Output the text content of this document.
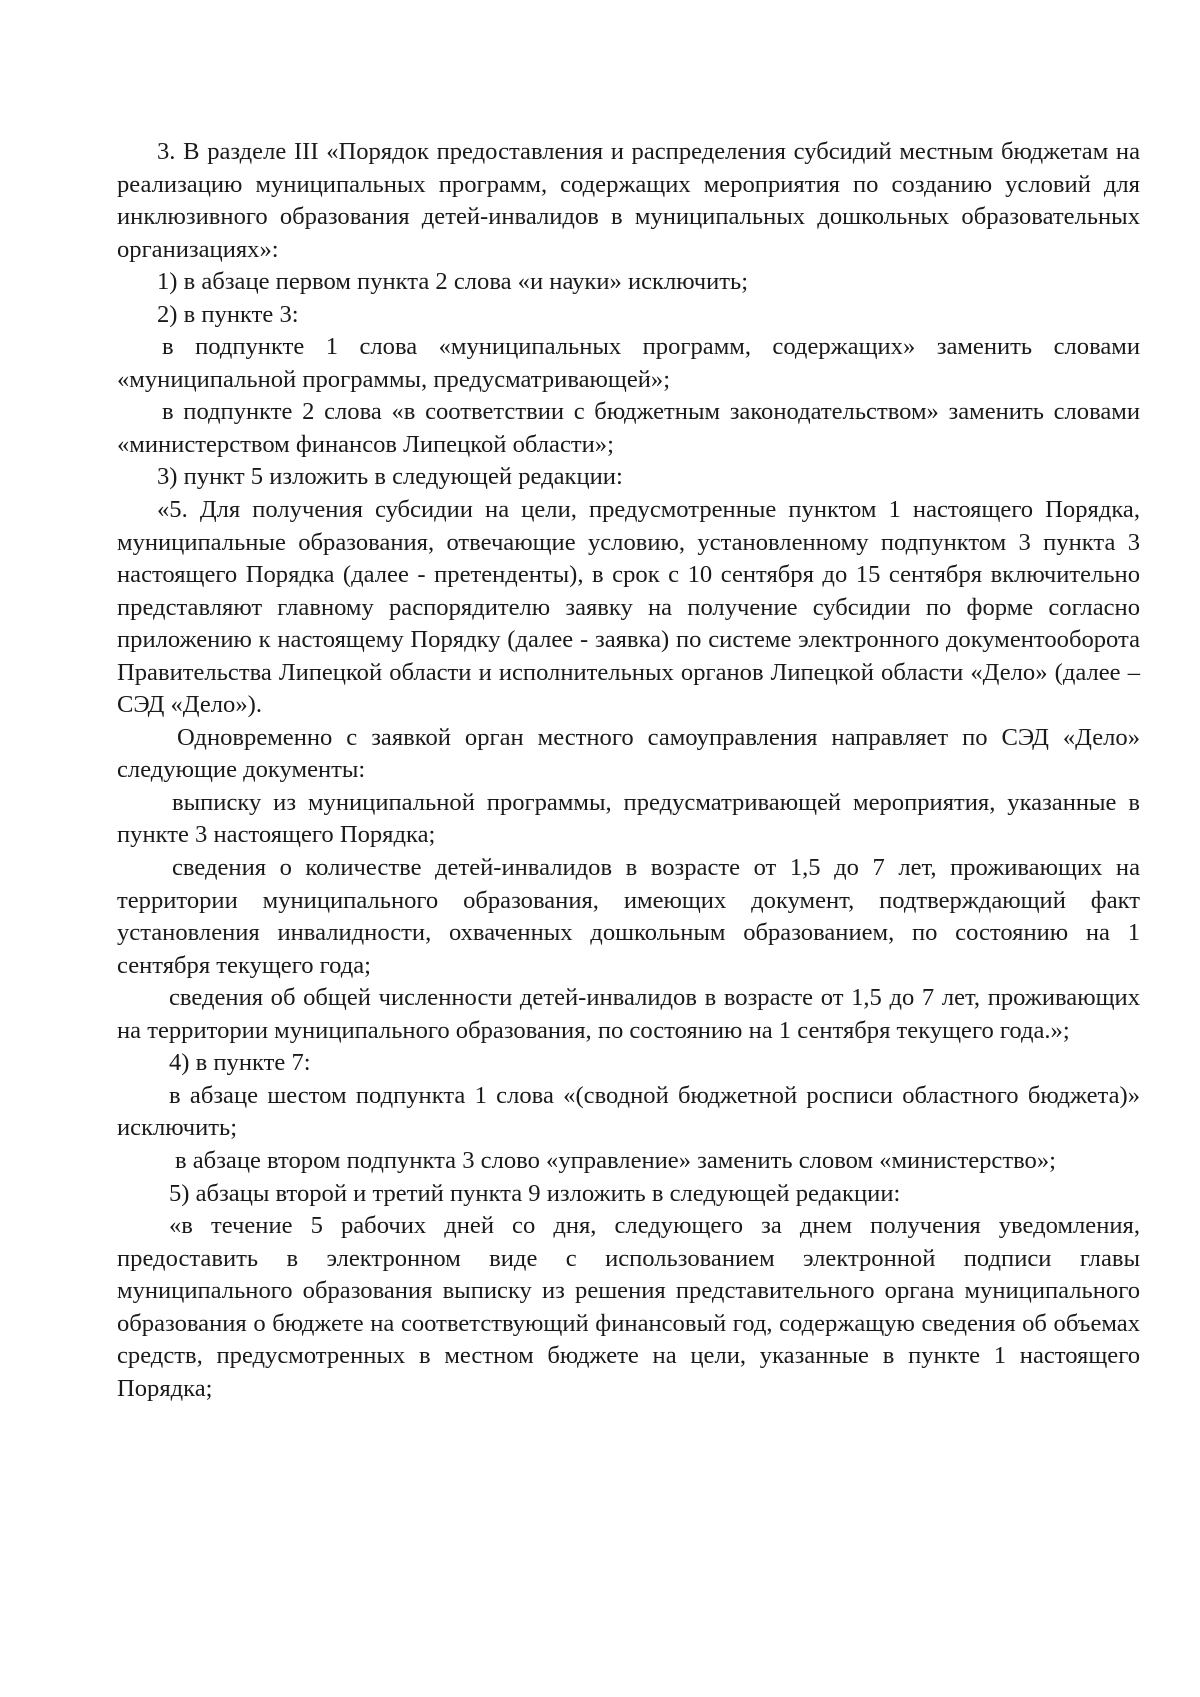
3. В разделе III «Порядок предоставления и распределения субсидий местным бюджетам на реализацию муниципальных программ, содержащих мероприятия по созданию условий для инклюзивного образования детей-инвалидов в муниципальных дошкольных образовательных организациях»:

1) в абзаце первом пункта 2 слова «и науки» исключить;

2) в пункте 3:

в подпункте 1 слова «муниципальных программ, содержащих» заменить словами «муниципальной программы, предусматривающей»;

в подпункте 2 слова «в соответствии с бюджетным законодательством» заменить словами «министерством финансов Липецкой области»;

3) пункт 5 изложить в следующей редакции:

«5. Для получения субсидии на цели, предусмотренные пунктом 1 настоящего Порядка, муниципальные образования, отвечающие условию, установленному подпунктом 3 пункта 3 настоящего Порядка (далее - претенденты), в срок с 10 сентября до 15 сентября включительно представляют главному распорядителю заявку на получение субсидии по форме согласно приложению к настоящему Порядку (далее - заявка) по системе электронного документооборота Правительства Липецкой области и исполнительных органов Липецкой области «Дело» (далее – СЭД «Дело»).

Одновременно с заявкой орган местного самоуправления направляет по СЭД «Дело» следующие документы:

выписку из муниципальной программы, предусматривающей мероприятия, указанные в пункте 3 настоящего Порядка;

сведения о количестве детей-инвалидов в возрасте от 1,5 до 7 лет, проживающих на территории муниципального образования, имеющих документ, подтверждающий факт установления инвалидности, охваченных дошкольным образованием, по состоянию на 1 сентября текущего года;

сведения об общей численности детей-инвалидов в возрасте от 1,5 до 7 лет, проживающих на территории муниципального образования, по состоянию на 1 сентября текущего года.»;

4) в пункте 7:

в абзаце шестом подпункта 1 слова «(сводной бюджетной росписи областного бюджета)» исключить;

в абзаце втором подпункта 3 слово «управление» заменить словом «министерство»;

5) абзацы второй и третий пункта 9 изложить в следующей редакции:

«в течение 5 рабочих дней со дня, следующего за днем получения уведомления, предоставить в электронном виде с использованием электронной подписи главы муниципального образования выписку из решения представительного органа муниципального образования о бюджете на соответствующий финансовый год, содержащую сведения об объемах средств, предусмотренных в местном бюджете на цели, указанные в пункте 1 настоящего Порядка;
